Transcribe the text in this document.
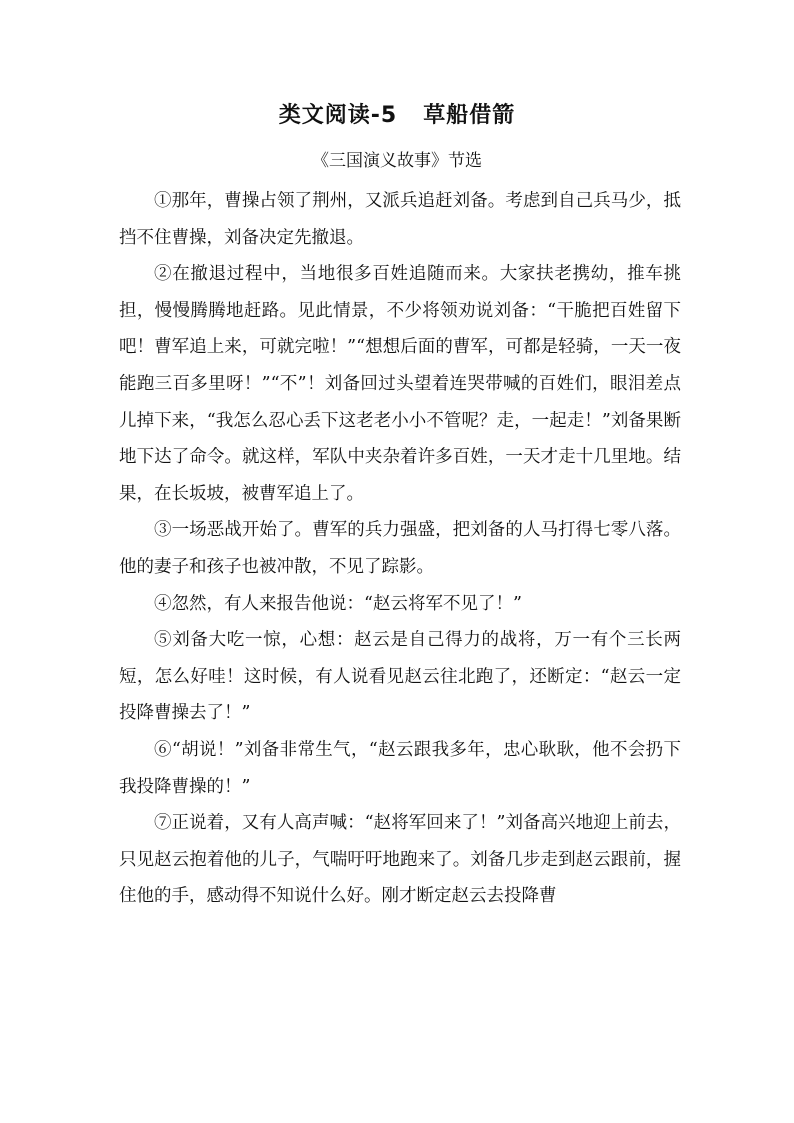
类文阅读-5   草船借箭
《三国演义故事》节选

①那年，曹操占领了荆州，又派兵追赶刘备。考虑到自己兵马少，抵挡不住曹操，刘备决定先撤退。

②在撤退过程中，当地很多百姓追随而来。大家扶老携幼，推车挑担，慢慢腾腾地赶路。见此情景，不少将领劝说刘备：“干脆把百姓留下吧！曹军追上来，可就完啦！”“想想后面的曹军，可都是轻骑，一天一夜能跑三百多里呀！”“不”！刘备回过头望着连哭带喊的百姓们，眼泪差点儿掉下来，“我怎么忍心丢下这老老小小不管呢？走，一起走！”刘备果断地下达了命令。就这样，军队中夹杂着许多百姓，一天才走十几里地。结果，在长坂坡，被曹军追上了。

③一场恶战开始了。曹军的兵力强盛，把刘备的人马打得七零八落。他的妻子和孩子也被冲散，不见了踪影。

④忽然，有人来报告他说：“赵云将军不见了！”

⑤刘备大吃一惊，心想：赵云是自己得力的战将，万一有个三长两短，怎么好哇！这时候，有人说看见赵云往北跑了，还断定：“赵云一定投降曹操去了！”

⑥“胡说！”刘备非常生气，“赵云跟我多年，忠心耿耿，他不会扔下我投降曹操的！”

⑦正说着，又有人高声喊：“赵将军回来了！”刘备高兴地迎上前去，只见赵云抱着他的儿子，气喘吁吁地跑来了。刘备几步走到赵云跟前，握住他的手，感动得不知说什么好。刚才断定赵云去投降曹
